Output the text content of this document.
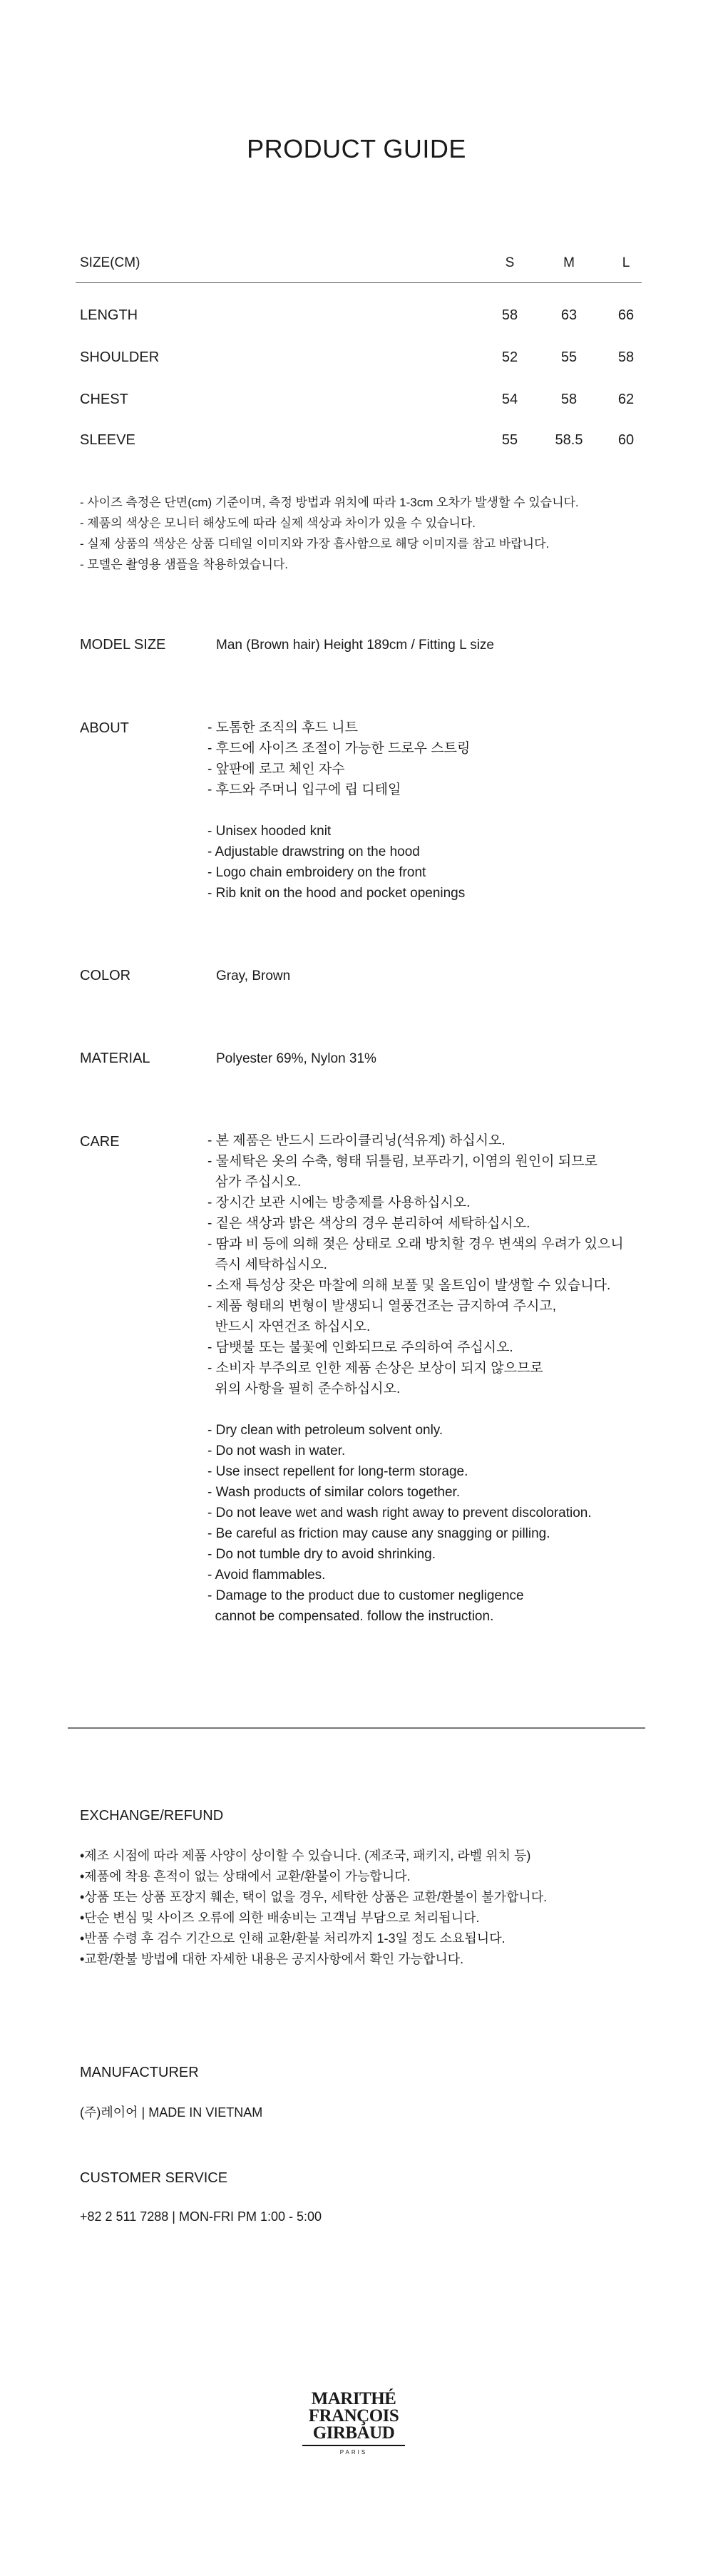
PRODUCT GUIDE
SIZE(CM)	S	M	L
LENGTH	58	63	66
SHOULDER	52	55	58
CHEST	54	58	62
SLEEVE	55	58.5	60
- 사이즈 측정은 단면(cm) 기준이며, 측정 방법과 위치에 따라 1-3cm 오차가 발생할 수 있습니다.
- 제품의 색상은 모니터 해상도에 따라 실제 색상과 차이가 있을 수 있습니다.
- 실제 상품의 색상은 상품 디테일 이미지와 가장 흡사함으로 해당 이미지를 참고 바랍니다.
- 모델은 촬영용 샘플을 착용하였습니다.
MODEL SIZE	Man (Brown hair) Height 189cm / Fitting L size
ABOUT	- 도톰한 조직의 후드 니트
- 후드에 사이즈 조절이 가능한 드로우 스트링
- 앞판에 로고 체인 자수
- 후드와 주머니 입구에 립 디테일

- Unisex hooded knit
- Adjustable drawstring on the hood
- Logo chain embroidery on the front
- Rib knit on the hood and pocket openings
COLOR	Gray, Brown
MATERIAL	Polyester 69%, Nylon 31%
CARE	- 본 제품은 반드시 드라이클리닝(석유계) 하십시오.
- 물세탁은 옷의 수축, 형태 뒤틀림, 보푸라기, 이염의 원인이 되므로
삼가 주십시오.
- 장시간 보관 시에는 방충제를 사용하십시오.
- 짙은 색상과 밝은 색상의 경우 분리하여 세탁하십시오.
- 땀과 비 등에 의해 젖은 상태로 오래 방치할 경우 변색의 우려가 있으니
즉시 세탁하십시오.
- 소재 특성상 잦은 마찰에 의해 보풀 및 올트임이 발생할 수 있습니다.
- 제품 형태의 변형이 발생되니 열풍건조는 금지하여 주시고,
반드시 자연건조 하십시오.
- 담뱃불 또는 불꽃에 인화되므로 주의하여 주십시오.
- 소비자 부주의로 인한 제품 손상은 보상이 되지 않으므로
위의 사항을 필히 준수하십시오.

- Dry clean with petroleum solvent only.
- Do not wash in water.
- Use insect repellent for long-term storage.
- Wash products of similar colors together.
- Do not leave wet and wash right away to prevent discoloration.
- Be careful as friction may cause any snagging or pilling.
- Do not tumble dry to avoid shrinking.
- Avoid flammables.
- Damage to the product due to customer negligence
cannot be compensated. follow the instruction.
EXCHANGE/REFUND
•제조 시점에 따라 제품 사양이 상이할 수 있습니다. (제조국, 패키지, 라벨 위치 등)
•제품에 착용 흔적이 없는 상태에서 교환/환불이 가능합니다.
•상품 또는 상품 포장지 훼손, 택이 없을 경우, 세탁한 상품은 교환/환불이 불가합니다.
•단순 변심 및 사이즈 오류에 의한 배송비는 고객님 부담으로 처리됩니다.
•반품 수령 후 검수 기간으로 인해 교환/환불 처리까지 1-3일 정도 소요됩니다.
•교환/환불 방법에 대한 자세한 내용은 공지사항에서 확인 가능합니다.
MANUFACTURER
(주)레이어 | MADE IN VIETNAM
CUSTOMER SERVICE
+82 2 511 7288 | MON-FRI PM 1:00 - 5:00
MARITHÉ
FRANÇOIS
GIRBAUD
PARIS
